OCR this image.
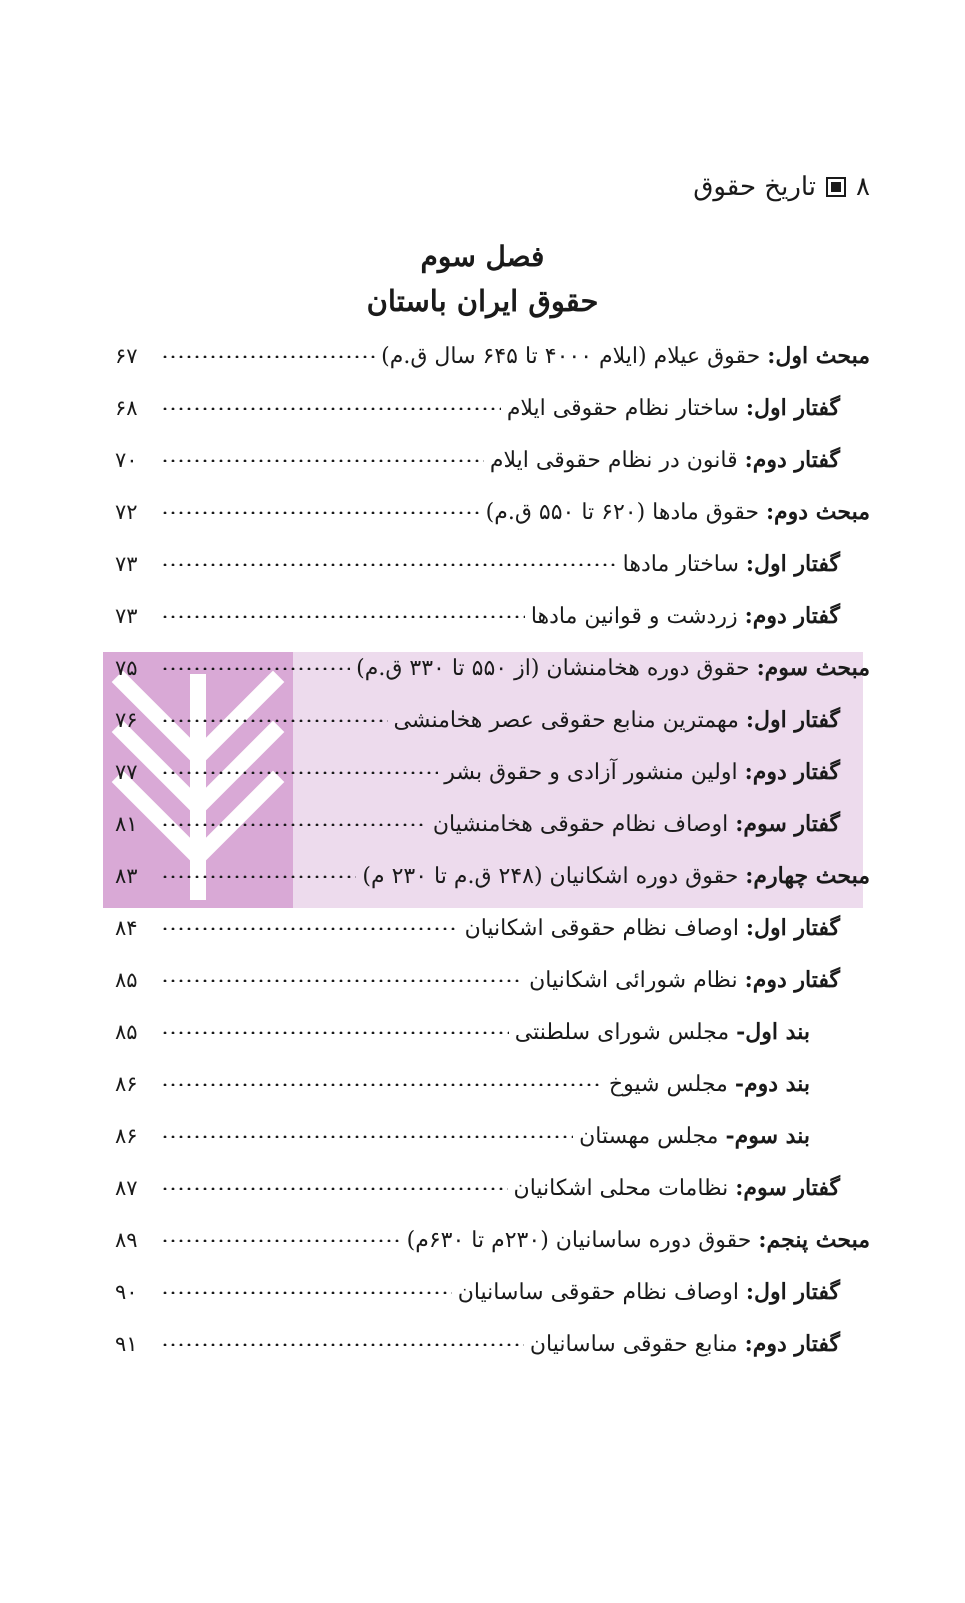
۸
تاریخ حقوق
فصل سوم
حقوق ایران باستان
مبحث اول: حقوق عیلام (ایلام ۴۰۰۰ تا ۶۴۵ سال ق.م)
۶۷
گفتار اول: ساختار نظام حقوقی ایلام
۶۸
گفتار دوم: قانون در نظام حقوقی ایلام
۷۰
مبحث دوم: حقوق مادها (۶۲۰ تا ۵۵۰ ق.م)
۷۲
گفتار اول: ساختار مادها
۷۳
گفتار دوم: زردشت و قوانین مادها
۷۳
مبحث سوم: حقوق دوره هخامنشان (از ۵۵۰ تا ۳۳۰ ق.م)
۷۵
گفتار اول: مهمترین منابع حقوقی عصر هخامنشی
۷۶
گفتار دوم: اولین منشور آزادی و حقوق بشر
۷۷
گفتار سوم: اوصاف نظام حقوقی هخامنشیان
۸۱
مبحث چهارم: حقوق دوره اشکانیان (۲۴۸ ق.م تا ۲۳۰ م)
۸۳
گفتار اول: اوصاف نظام حقوقی اشکانیان
۸۴
گفتار دوم: نظام شورائی اشکانیان
۸۵
بند اول- مجلس شورای سلطنتی
۸۵
بند دوم- مجلس شیوخ
۸۶
بند سوم- مجلس مهستان
۸۶
گفتار سوم: نظامات محلی اشکانیان
۸۷
مبحث پنجم: حقوق دوره ساسانیان (۲۳۰م تا ۶۳۰م)
۸۹
گفتار اول: اوصاف نظام حقوقی ساسانیان
۹۰
گفتار دوم: منابع حقوقی ساسانیان
۹۱
